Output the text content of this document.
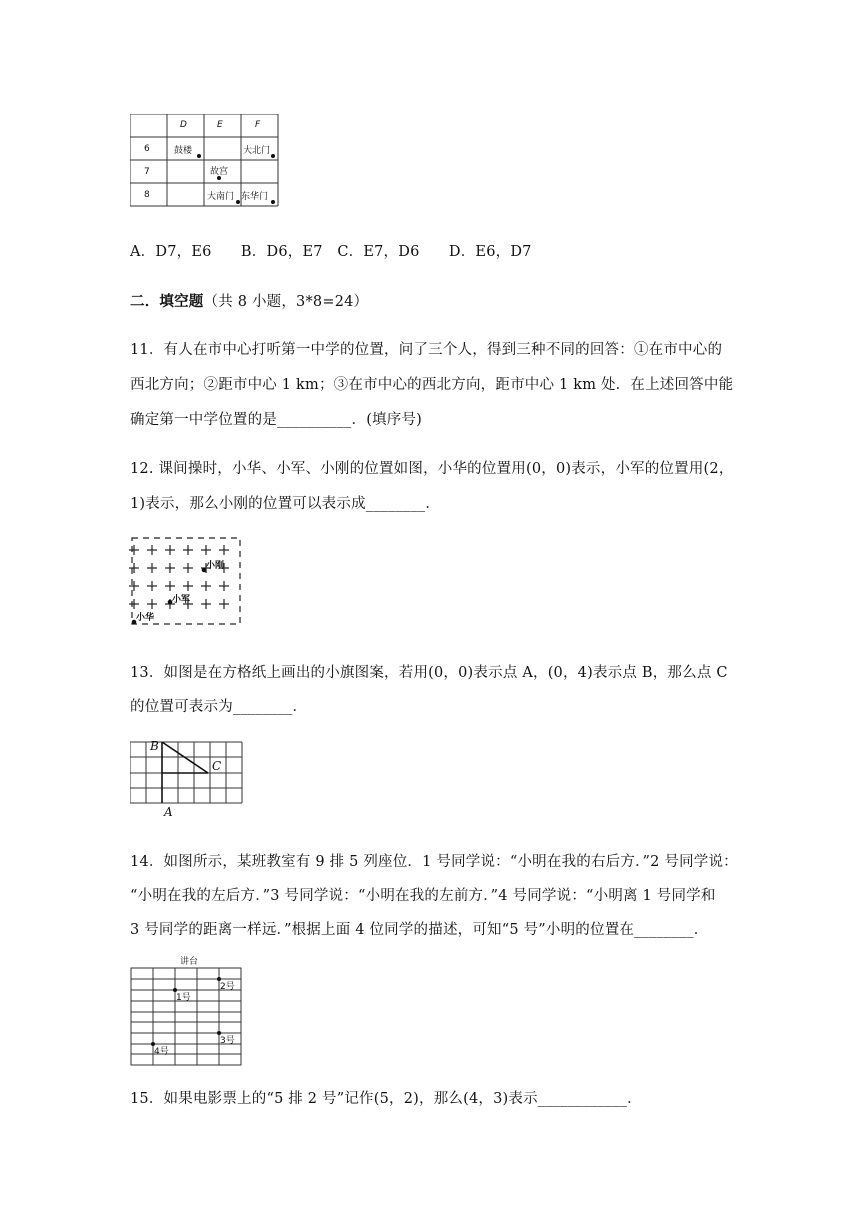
D	E	F
6
7
8
鼓楼
故宫
大北门
大南门 东华门
A．D7，E6　　B．D6，E7　C．E7，D6　　D．E6，D7
二．填空题（共 8 小题，3*8=24）
11．有人在市中心打听第一中学的位置，问了三个人，得到三种不同的回答：①在市中心的
西北方向；②距市中心 1 km；③在市中心的西北方向，距市中心 1 km 处．在上述回答中能
确定第一中学位置的是__________．(填序号)
12. 课间操时，小华、小军、小刚的位置如图，小华的位置用(0，0)表示，小军的位置用(2，
1)表示，那么小刚的位置可以表示成________．
小刚
小军
小华
13．如图是在方格纸上画出的小旗图案，若用(0，0)表示点 A，(0，4)表示点 B，那么点 C
的位置可表示为________．
B
C
A
14．如图所示，某班教室有 9 排 5 列座位．1 号同学说：“小明在我的右后方．”2 号同学说：
“小明在我的左后方．”3 号同学说：“小明在我的左前方．”4 号同学说：“小明离 1 号同学和
3 号同学的距离一样远．”根据上面 4 位同学的描述，可知“5 号”小明的位置在________．
讲台
2号
1号
3号
4号
15．如果电影票上的“5 排 2 号”记作(5，2)，那么(4，3)表示____________．
